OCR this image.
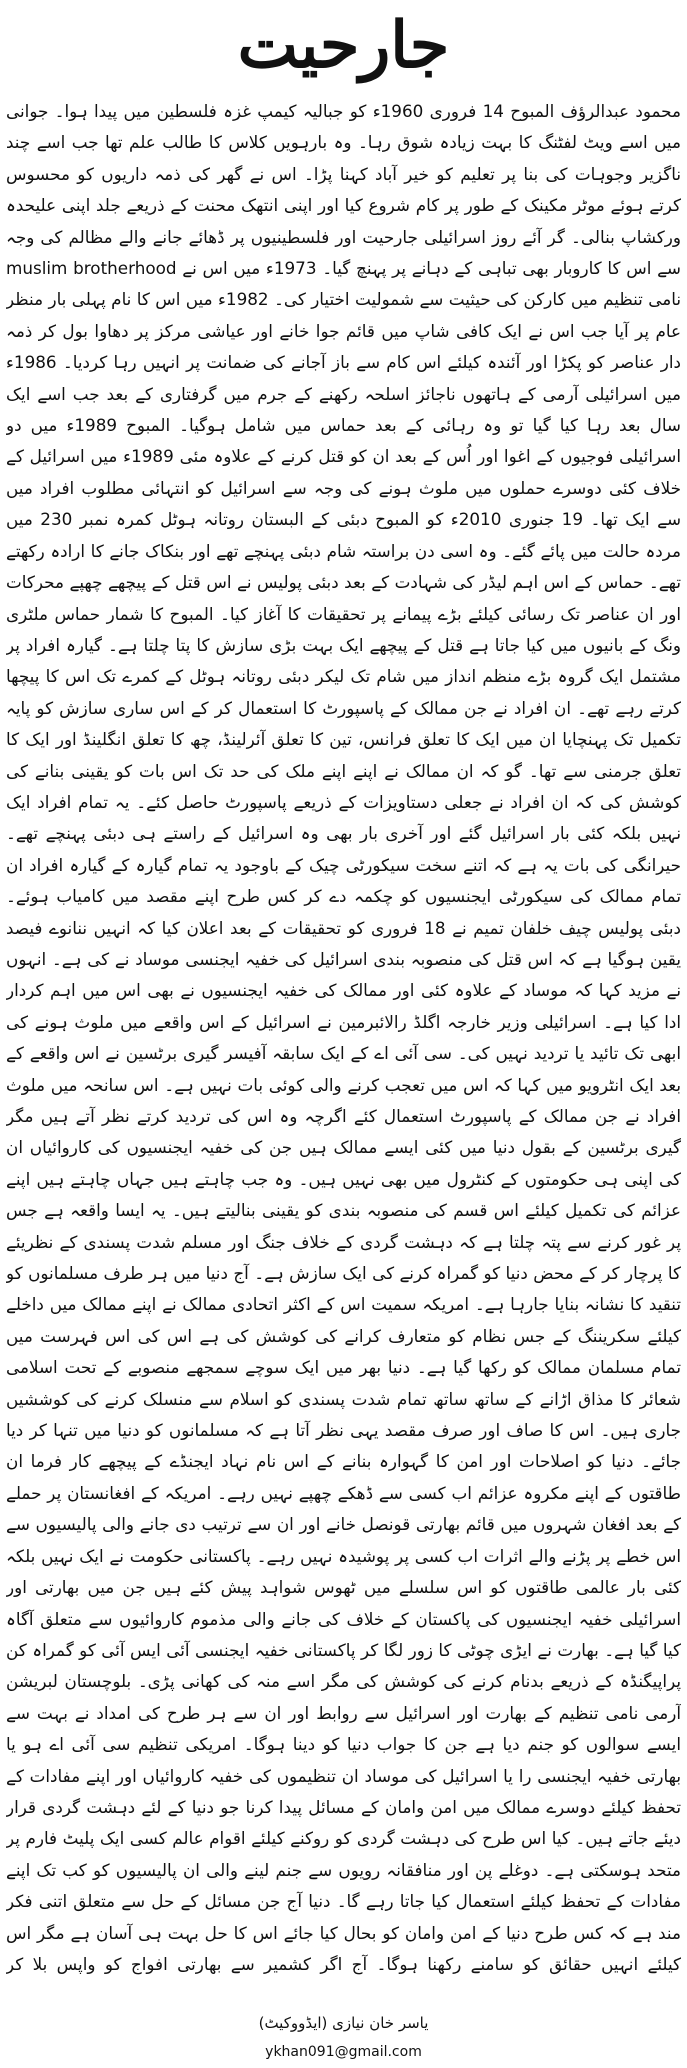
جارحیت

محمود عبدالرؤف المبوح 14 فروری 1960ء کو جبالیہ کیمپ غزہ فلسطین میں پیدا ہوا۔ جوانی میں اسے ویٹ لفٹنگ کا بہت زیادہ شوق رہا۔ وہ بارہویں کلاس کا طالب علم تھا جب اسے چند ناگزیر وجوہات کی بنا پر تعلیم کو خیر آباد کہنا پڑا۔ اس نے گھر کی ذمہ داریوں کو محسوس کرتے ہوئے موٹر مکینک کے طور پر کام شروع کیا اور اپنی انتھک محنت کے ذریعے جلد اپنی علیحدہ ورکشاپ بنالی۔ گر آئے روز اسرائیلی جارحیت اور فلسطینیوں پر ڈھائے جانے والے مظالم کی وجہ سے اس کا کاروبار بھی تباہی کے دہانے پر پہنچ گیا۔ 1973ء میں اس نے muslim brotherhood نامی تنظیم میں کارکن کی حیثیت سے شمولیت اختیار کی۔ 1982ء میں اس کا نام پہلی بار منظر عام پر آیا جب اس نے ایک کافی شاپ میں قائم جوا خانے اور عیاشی مرکز پر دھاوا بول کر ذمہ دار عناصر کو پکڑا اور آئندہ کیلئے اس کام سے باز آجانے کی ضمانت پر انہیں رہا کردیا۔ 1986ء میں اسرائیلی آرمی کے ہاتھوں ناجائز اسلحہ رکھنے کے جرم میں گرفتاری کے بعد جب اسے ایک سال بعد رہا کیا گیا تو وہ رہائی کے بعد حماس میں شامل ہوگیا۔ المبوح 1989ء میں دو اسرائیلی فوجیوں کے اغوا اور اُس کے بعد ان کو قتل کرنے کے علاوہ مئی 1989ء میں اسرائیل کے خلاف کئی دوسرے حملوں میں ملوث ہونے کی وجہ سے اسرائیل کو انتہائی مطلوب افراد میں سے ایک تھا۔ 19 جنوری 2010ء کو المبوح دبئی کے البستان روتانہ ہوٹل کمرہ نمبر 230 میں مردہ حالت میں پائے گئے۔ وہ اسی دن براستہ شام دبئی پہنچے تھے اور بنکاک جانے کا ارادہ رکھتے تھے۔ حماس کے اس اہم لیڈر کی شہادت کے بعد دبئی پولیس نے اس قتل کے پیچھے چھپے محرکات اور ان عناصر تک رسائی کیلئے بڑے پیمانے پر تحقیقات کا آغاز کیا۔ المبوح کا شمار حماس ملٹری ونگ کے بانیوں میں کیا جاتا ہے قتل کے پیچھے ایک بہت بڑی سازش کا پتا چلتا ہے۔ گیارہ افراد پر مشتمل ایک گروہ بڑے منظم انداز میں شام تک لیکر دبئی روتانہ ہوٹل کے کمرے تک اس کا پیچھا کرتے رہے تھے۔ ان افراد نے جن ممالک کے پاسپورٹ کا استعمال کر کے اس ساری سازش کو پایہ تکمیل تک پہنچایا ان میں ایک کا تعلق فرانس، تین کا تعلق آئرلینڈ، چھ کا تعلق انگلینڈ اور ایک کا تعلق جرمنی سے تھا۔ گو کہ ان ممالک نے اپنے اپنے ملک کی حد تک اس بات کو یقینی بنانے کی کوشش کی کہ ان افراد نے جعلی دستاویزات کے ذریعے پاسپورٹ حاصل کئے۔ یہ تمام افراد ایک نہیں بلکہ کئی بار اسرائیل گئے اور آخری بار بھی وہ اسرائیل کے راستے ہی دبئی پہنچے تھے۔ حیرانگی کی بات یہ ہے کہ اتنے سخت سیکورٹی چیک کے باوجود یہ تمام گیارہ کے گیارہ افراد ان تمام ممالک کی سیکورٹی ایجنسیوں کو چکمہ دے کر کس طرح اپنے مقصد میں کامیاب ہوئے۔ دبئی پولیس چیف خلفان تمیم نے 18 فروری کو تحقیقات کے بعد اعلان کیا کہ انہیں ننانوے فیصد یقین ہوگیا ہے کہ اس قتل کی منصوبہ بندی اسرائیل کی خفیہ ایجنسی موساد نے کی ہے۔ انہوں نے مزید کہا کہ موساد کے علاوہ کئی اور ممالک کی خفیہ ایجنسیوں نے بھی اس میں اہم کردار ادا کیا ہے۔ اسرائیلی وزیر خارجہ اگلڈ رالائبرمین نے اسرائیل کے اس واقعے میں ملوث ہونے کی ابھی تک تائید یا تردید نہیں کی۔ سی آئی اے کے ایک سابقہ آفیسر گیری برٹسین نے اس واقعے کے بعد ایک انٹرویو میں کہا کہ اس میں تعجب کرنے والی کوئی بات نہیں ہے۔ اس سانحہ میں ملوث افراد نے جن ممالک کے پاسپورٹ استعمال کئے اگرچہ وہ اس کی تردید کرتے نظر آتے ہیں مگر گیری برٹسین کے بقول دنیا میں کئی ایسے ممالک ہیں جن کی خفیہ ایجنسیوں کی کاروائیاں ان کی اپنی ہی حکومتوں کے کنٹرول میں بھی نہیں ہیں۔ وہ جب چاہتے ہیں جہاں چاہتے ہیں اپنے عزائم کی تکمیل کیلئے اس قسم کی منصوبہ بندی کو یقینی بنالیتے ہیں۔ یہ ایسا واقعہ ہے جس پر غور کرنے سے پتہ چلتا ہے کہ دہشت گردی کے خلاف جنگ اور مسلم شدت پسندی کے نظریئے کا پرچار کر کے محض دنیا کو گمراہ کرنے کی ایک سازش ہے۔ آج دنیا میں ہر طرف مسلمانوں کو تنقید کا نشانہ بنایا جارہا ہے۔ امریکہ سمیت اس کے اکثر اتحادی ممالک نے اپنے ممالک میں داخلے کیلئے سکریننگ کے جس نظام کو متعارف کرانے کی کوشش کی ہے اس کی اس فہرست میں تمام مسلمان ممالک کو رکھا گیا ہے۔ دنیا بھر میں ایک سوچے سمجھے منصوبے کے تحت اسلامی شعائر کا مذاق اڑانے کے ساتھ ساتھ تمام شدت پسندی کو اسلام سے منسلک کرنے کی کوششیں جاری ہیں۔ اس کا صاف اور صرف مقصد یہی نظر آتا ہے کہ مسلمانوں کو دنیا میں تنہا کر دیا جائے۔ دنیا کو اصلاحات اور امن کا گہوارہ بنانے کے اس نام نہاد ایجنڈے کے پیچھے کار فرما ان طاقتوں کے اپنے مکروہ عزائم اب کسی سے ڈھکے چھپے نہیں رہے۔ امریکہ کے افغانستان پر حملے کے بعد افغان شہروں میں قائم بھارتی قونصل خانے اور ان سے ترتیب دی جانے والی پالیسیوں سے اس خطے پر پڑنے والے اثرات اب کسی پر پوشیدہ نہیں رہے۔ پاکستانی حکومت نے ایک نہیں بلکہ کئی بار عالمی طاقتوں کو اس سلسلے میں ٹھوس شواہد پیش کئے ہیں جن میں بھارتی اور اسرائیلی خفیہ ایجنسیوں کی پاکستان کے خلاف کی جانے والی مذموم کاروائیوں سے متعلق آگاہ کیا گیا ہے۔ بھارت نے ایڑی چوٹی کا زور لگا کر پاکستانی خفیہ ایجنسی آئی ایس آئی کو گمراہ کن پراپیگنڈہ کے ذریعے بدنام کرنے کی کوشش کی مگر اسے منہ کی کھانی پڑی۔ بلوچستان لبریشن آرمی نامی تنظیم کے بھارت اور اسرائیل سے روابط اور ان سے ہر طرح کی امداد نے بہت سے ایسے سوالوں کو جنم دیا ہے جن کا جواب دنیا کو دینا ہوگا۔ امریکی تنظیم سی آئی اے ہو یا بھارتی خفیہ ایجنسی را یا اسرائیل کی موساد ان تنظیموں کی خفیہ کاروائیاں اور اپنے مفادات کے تحفظ کیلئے دوسرے ممالک میں امن وامان کے مسائل پیدا کرنا جو دنیا کے لئے دہشت گردی قرار دیئے جاتے ہیں۔ کیا اس طرح کی دہشت گردی کو روکنے کیلئے اقوام عالم کسی ایک پلیٹ فارم پر متحد ہوسکتی ہے۔ دوغلے پن اور منافقانہ رویوں سے جنم لینے والی ان پالیسیوں کو کب تک اپنے مفادات کے تحفظ کیلئے استعمال کیا جاتا رہے گا۔ دنیا آج جن مسائل کے حل سے متعلق اتنی فکر مند ہے کہ کس طرح دنیا کے امن وامان کو بحال کیا جائے اس کا حل بہت ہی آسان ہے مگر اس کیلئے انہیں حقائق کو سامنے رکھنا ہوگا۔ آج اگر کشمیر سے بھارتی افواج کو واپس بلا کر

یاسر خان نیازی (ایڈووکیٹ)
ykhan091@gmail.com
